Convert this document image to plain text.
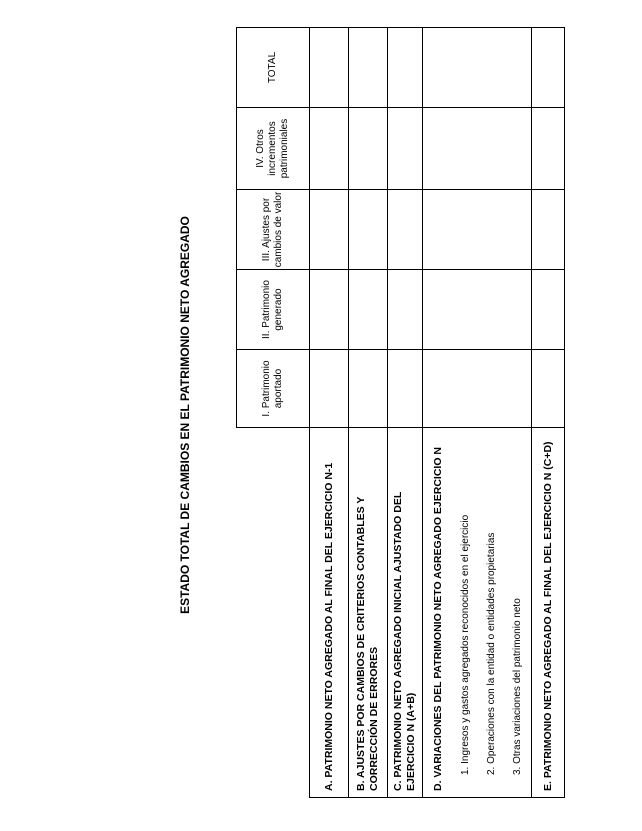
ESTADO TOTAL DE CAMBIOS EN EL PATRIMONIO NETO AGREGADO
		I. Patrimonio aportado	II. Patrimonio generado	III. Ajustes por cambios de valor	IV. Otros incrementos patrimoniales	TOTAL
A. PATRIMONIO NETO AGREGADO AL FINAL DEL EJERCICIO N-1					
B. AJUSTES POR CAMBIOS DE CRITERIOS CONTABLES Y CORRECCIÓN DE ERRORES					
C. PATRIMONIO NETO AGREGADO INICIAL AJUSTADO DEL EJERCICIO N (A+B)					
D. VARIACIONES DEL PATRIMONIO NETO AGREGADO EJERCICIO N					
1. Ingresos y gastos agregados reconocidos en el ejercicio					
2. Operaciones con la entidad o entidades propietarias					
3. Otras variaciones del patrimonio neto					
E. PATRIMONIO NETO AGREGADO AL FINAL DEL EJERCICIO N (C+D)					
